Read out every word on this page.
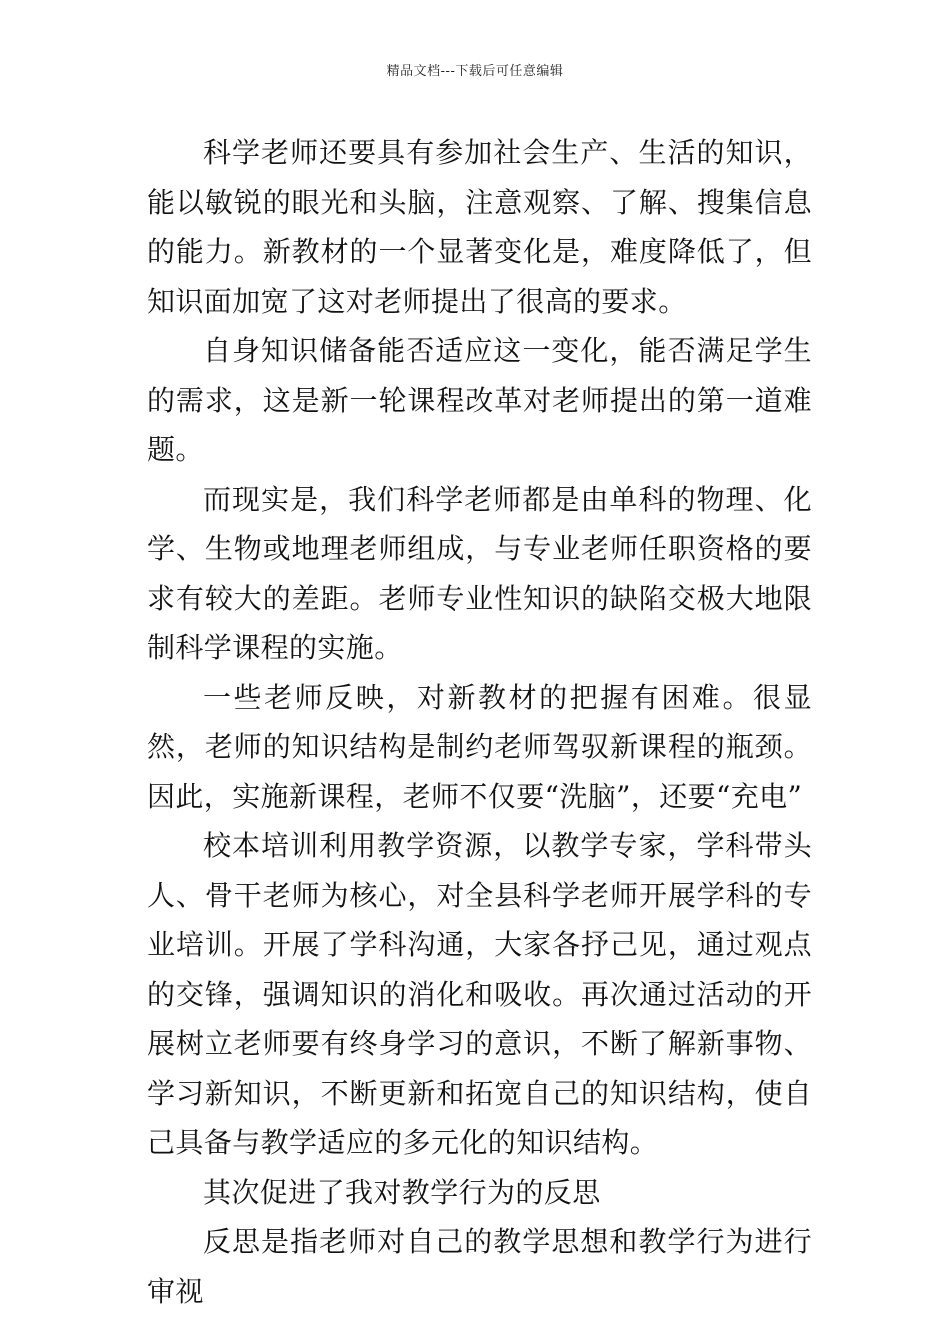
精品文档---下载后可任意编辑

科学老师还要具有参加社会生产、生活的知识，能以敏锐的眼光和头脑，注意观察、了解、搜集信息的能力。新教材的一个显著变化是，难度降低了，但知识面加宽了这对老师提出了很高的要求。

自身知识储备能否适应这一变化，能否满足学生的需求，这是新一轮课程改革对老师提出的第一道难题。

而现实是，我们科学老师都是由单科的物理、化学、生物或地理老师组成，与专业老师任职资格的要求有较大的差距。老师专业性知识的缺陷交极大地限制科学课程的实施。

一些老师反映，对新教材的把握有困难。很显然，老师的知识结构是制约老师驾驭新课程的瓶颈。因此，实施新课程，老师不仅要“洗脑”，还要“充电”

校本培训利用教学资源，以教学专家，学科带头人、骨干老师为核心，对全县科学老师开展学科的专业培训。开展了学科沟通，大家各抒己见，通过观点的交锋，强调知识的消化和吸收。再次通过活动的开展树立老师要有终身学习的意识，不断了解新事物、学习新知识，不断更新和拓宽自己的知识结构，使自己具备与教学适应的多元化的知识结构。

其次促进了我对教学行为的反思

反思是指老师对自己的教学思想和教学行为进行审视
